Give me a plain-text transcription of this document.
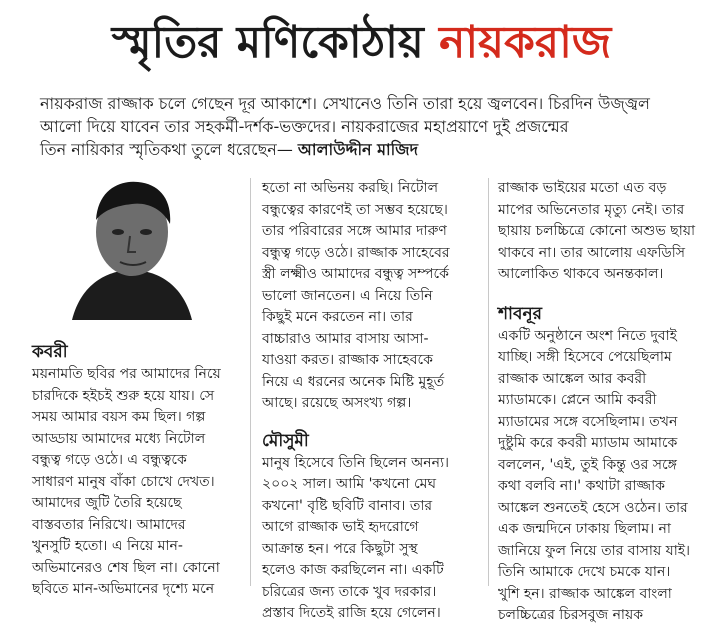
স্মৃতির মণিকোঠায় নায়করাজ
নায়করাজ রাজ্জাক চলে গেছেন দূর আকাশে। সেখানেও তিনি তারা হয়ে জ্বলবেন। চিরদিন উজ্জ্বল
আলো দিয়ে যাবেন তার সহকর্মী-দর্শক-ভক্তদের। নায়করাজের মহাপ্রয়াণে দুই প্রজন্মের
তিন নায়িকার স্মৃতিকথা তুলে ধরেছেন— আলাউদ্দীন মাজিদ

কবরী

ময়নামতি ছবির পর আমাদের নিয়ে

চারদিকে হইচই শুরু হয়ে যায়। সে

সময় আমার বয়স কম ছিল। গল্প

আড্ডায় আমাদের মধ্যে নিটোল

বন্ধুত্ব গড়ে ওঠে। এ বন্ধুত্বকে

সাধারণ মানুষ বাঁকা চোখে দেখত।

আমাদের জুটি তৈরি হয়েছে

বাস্তবতার নিরিখে। আমাদের

খুনসুটি হতো। এ নিয়ে মান-

অভিমানেরও শেষ ছিল না। কোনো

ছবিতে মান-অভিমানের দৃশ্যে মনে

হতো না অভিনয় করছি। নিটোল

বন্ধুত্বের কারণেই তা সম্ভব হয়েছে।

তার পরিবারের সঙ্গে আমার দারুণ

বন্ধুত্ব গড়ে ওঠে। রাজ্জাক সাহেবের

স্ত্রী লক্ষ্মীও আমাদের বন্ধুত্ব সম্পর্কে

ভালো জানতেন। এ নিয়ে তিনি

কিছুই মনে করতেন না। তার

বাচ্চারাও আমার বাসায় আসা-

যাওয়া করত। রাজ্জাক সাহেবকে

নিয়ে এ ধরনের অনেক মিষ্টি মুহূর্ত

আছে। রয়েছে অসংখ্য গল্প।

মৌসুমী

মানুষ হিসেবে তিনি ছিলেন অনন্য।

২০০২ সাল। আমি 'কখনো মেঘ

কখনো' বৃষ্টি ছবিটি বানাব। তার

আগে রাজ্জাক ভাই হৃদরোগে

আক্রান্ত হন। পরে কিছুটা সুস্থ

হলেও কাজ করছিলেন না। একটি

চরিত্রের জন্য তাকে খুব দরকার।

প্রস্তাব দিতেই রাজি হয়ে গেলেন।

রাজ্জাক ভাইয়ের মতো এত বড়

মাপের অভিনেতার মৃত্যু নেই। তার

ছায়ায় চলচ্চিত্রে কোনো অশুভ ছায়া

থাকবে না। তার আলোয় এফডিসি

আলোকিত থাকবে অনন্তকাল।

শাবনূর

একটি অনুষ্ঠানে অংশ নিতে দুবাই

যাচ্ছি। সঙ্গী হিসেবে পেয়েছিলাম

রাজ্জাক আঙ্কেল আর কবরী

ম্যাডামকে। প্লেনে আমি কবরী

ম্যাডামের সঙ্গে বসেছিলাম। তখন

দুষ্টুমি করে কবরী ম্যাডাম আমাকে

বললেন, 'এই, তুই কিন্তু ওর সঙ্গে

কথা বলবি না।' কথাটা রাজ্জাক

আঙ্কেল শুনতেই হেসে ওঠেন। তার

এক জন্মদিনে ঢাকায় ছিলাম। না

জানিয়ে ফুল নিয়ে তার বাসায় যাই।

তিনি আমাকে দেখে চমকে যান।

খুশি হন। রাজ্জাক আঙ্কেল বাংলা

চলচ্চিত্রের চিরসবুজ নায়ক
